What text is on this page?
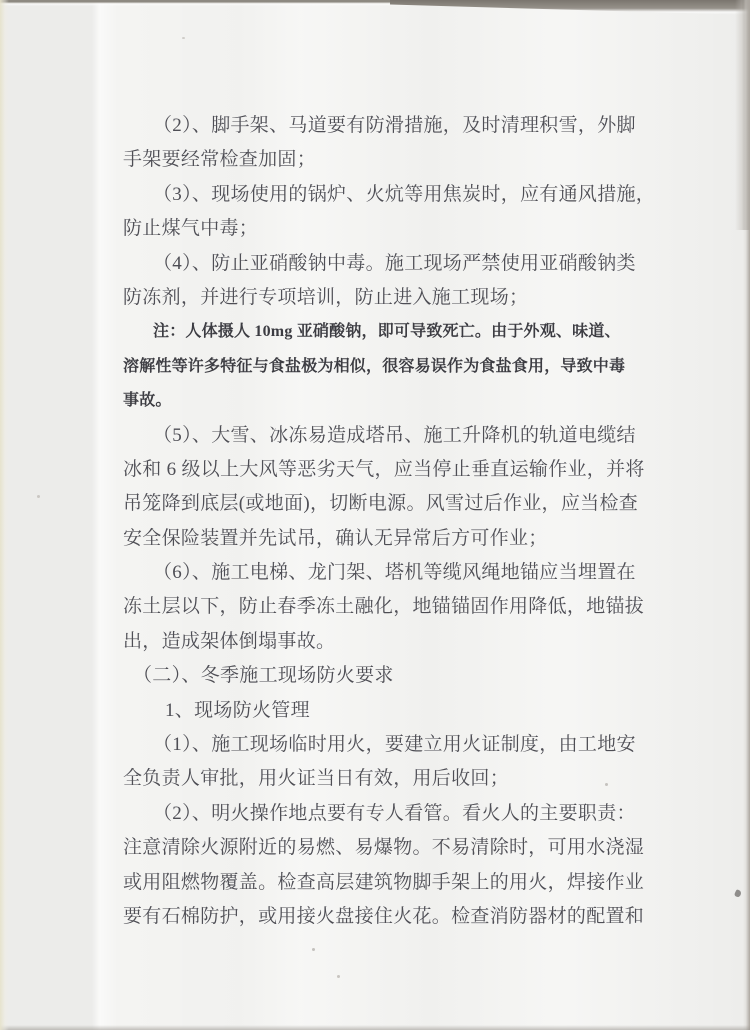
（2）、脚手架、马道要有防滑措施，及时清理积雪，外脚
手架要经常检查加固；
（3）、现场使用的锅炉、火炕等用焦炭时，应有通风措施，
防止煤气中毒；
（4）、防止亚硝酸钠中毒。施工现场严禁使用亚硝酸钠类
防冻剂，并进行专项培训，防止进入施工现场；
注：人体摄人 10mg 亚硝酸钠，即可导致死亡。由于外观、味道、
溶解性等许多特征与食盐极为相似，很容易误作为食盐食用，导致中毒
事故。
（5）、大雪、冰冻易造成塔吊、施工升降机的轨道电缆结
冰和 6 级以上大风等恶劣天气，应当停止垂直运输作业，并将
吊笼降到底层(或地面)，切断电源。风雪过后作业，应当检查
安全保险装置并先试吊，确认无异常后方可作业；
（6）、施工电梯、龙门架、塔机等缆风绳地锚应当埋置在
冻土层以下，防止春季冻土融化，地锚锚固作用降低，地锚拔
出，造成架体倒塌事故。
（二）、冬季施工现场防火要求
1、现场防火管理
（1）、施工现场临时用火，要建立用火证制度，由工地安
全负责人审批，用火证当日有效，用后收回；
（2）、明火操作地点要有专人看管。看火人的主要职责：
注意清除火源附近的易燃、易爆物。不易清除时，可用水浇湿
或用阻燃物覆盖。检查高层建筑物脚手架上的用火，焊接作业
要有石棉防护，或用接火盘接住火花。检查消防器材的配置和
